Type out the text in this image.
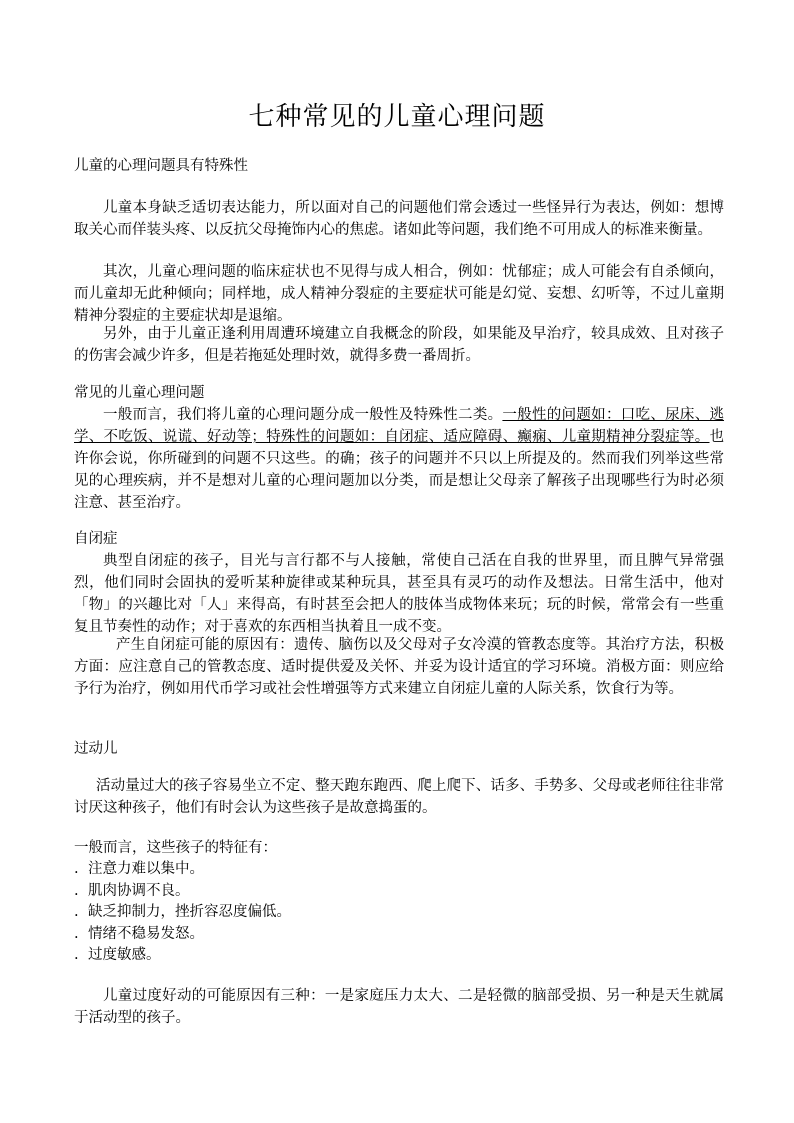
七种常见的儿童心理问题
儿童的心理问题具有特殊性
儿童本身缺乏适切表达能力，所以面对自己的问题他们常会透过一些怪异行为表达，例如：想博取关心而佯装头疼、以反抗父母掩饰内心的焦虑。诸如此等问题，我们绝不可用成人的标准来衡量。
其次，儿童心理问题的临床症状也不见得与成人相合，例如：忧郁症；成人可能会有自杀倾向，而儿童却无此种倾向；同样地，成人精神分裂症的主要症状可能是幻觉、妄想、幻听等，不过儿童期精神分裂症的主要症状却是退缩。
另外，由于儿童正逢利用周遭环境建立自我概念的阶段，如果能及早治疗，较具成效、且对孩子的伤害会减少许多，但是若拖延处理时效，就得多费一番周折。
常见的儿童心理问题
一般而言，我们将儿童的心理问题分成一般性及特殊性二类。一般性的问题如：口吃、尿床、逃学、不吃饭、说谎、好动等；特殊性的问题如：自闭症、适应障碍、癫痫、儿童期精神分裂症等。也许你会说，你所碰到的问题不只这些。的确；孩子的问题并不只以上所提及的。然而我们列举这些常见的心理疾病，并不是想对儿童的心理问题加以分类，而是想让父母亲了解孩子出现哪些行为时必须注意、甚至治疗。
自闭症
典型自闭症的孩子，目光与言行都不与人接触，常使自己活在自我的世界里，而且脾气异常强烈，他们同时会固执的爱听某种旋律或某种玩具，甚至具有灵巧的动作及想法。日常生活中，他对「物」的兴趣比对「人」来得高，有时甚至会把人的肢体当成物体来玩；玩的时候，常常会有一些重复且节奏性的动作；对于喜欢的东西相当执着且一成不变。
产生自闭症可能的原因有：遗传、脑伤以及父母对子女冷漠的管教态度等。其治疗方法，积极方面：应注意自己的管教态度、适时提供爱及关怀、并妥为设计适宜的学习环境。消极方面：则应给予行为治疗，例如用代币学习或社会性增强等方式来建立自闭症儿童的人际关系，饮食行为等。
过动儿
活动量过大的孩子容易坐立不定、整天跑东跑西、爬上爬下、话多、手势多、父母或老师往往非常讨厌这种孩子，他们有时会认为这些孩子是故意捣蛋的。
一般而言，这些孩子的特征有：
. 注意力难以集中。
. 肌肉协调不良。
. 缺乏抑制力，挫折容忍度偏低。
. 情绪不稳易发怒。
. 过度敏感。
儿童过度好动的可能原因有三种：一是家庭压力太大、二是轻微的脑部受损、另一种是天生就属于活动型的孩子。
